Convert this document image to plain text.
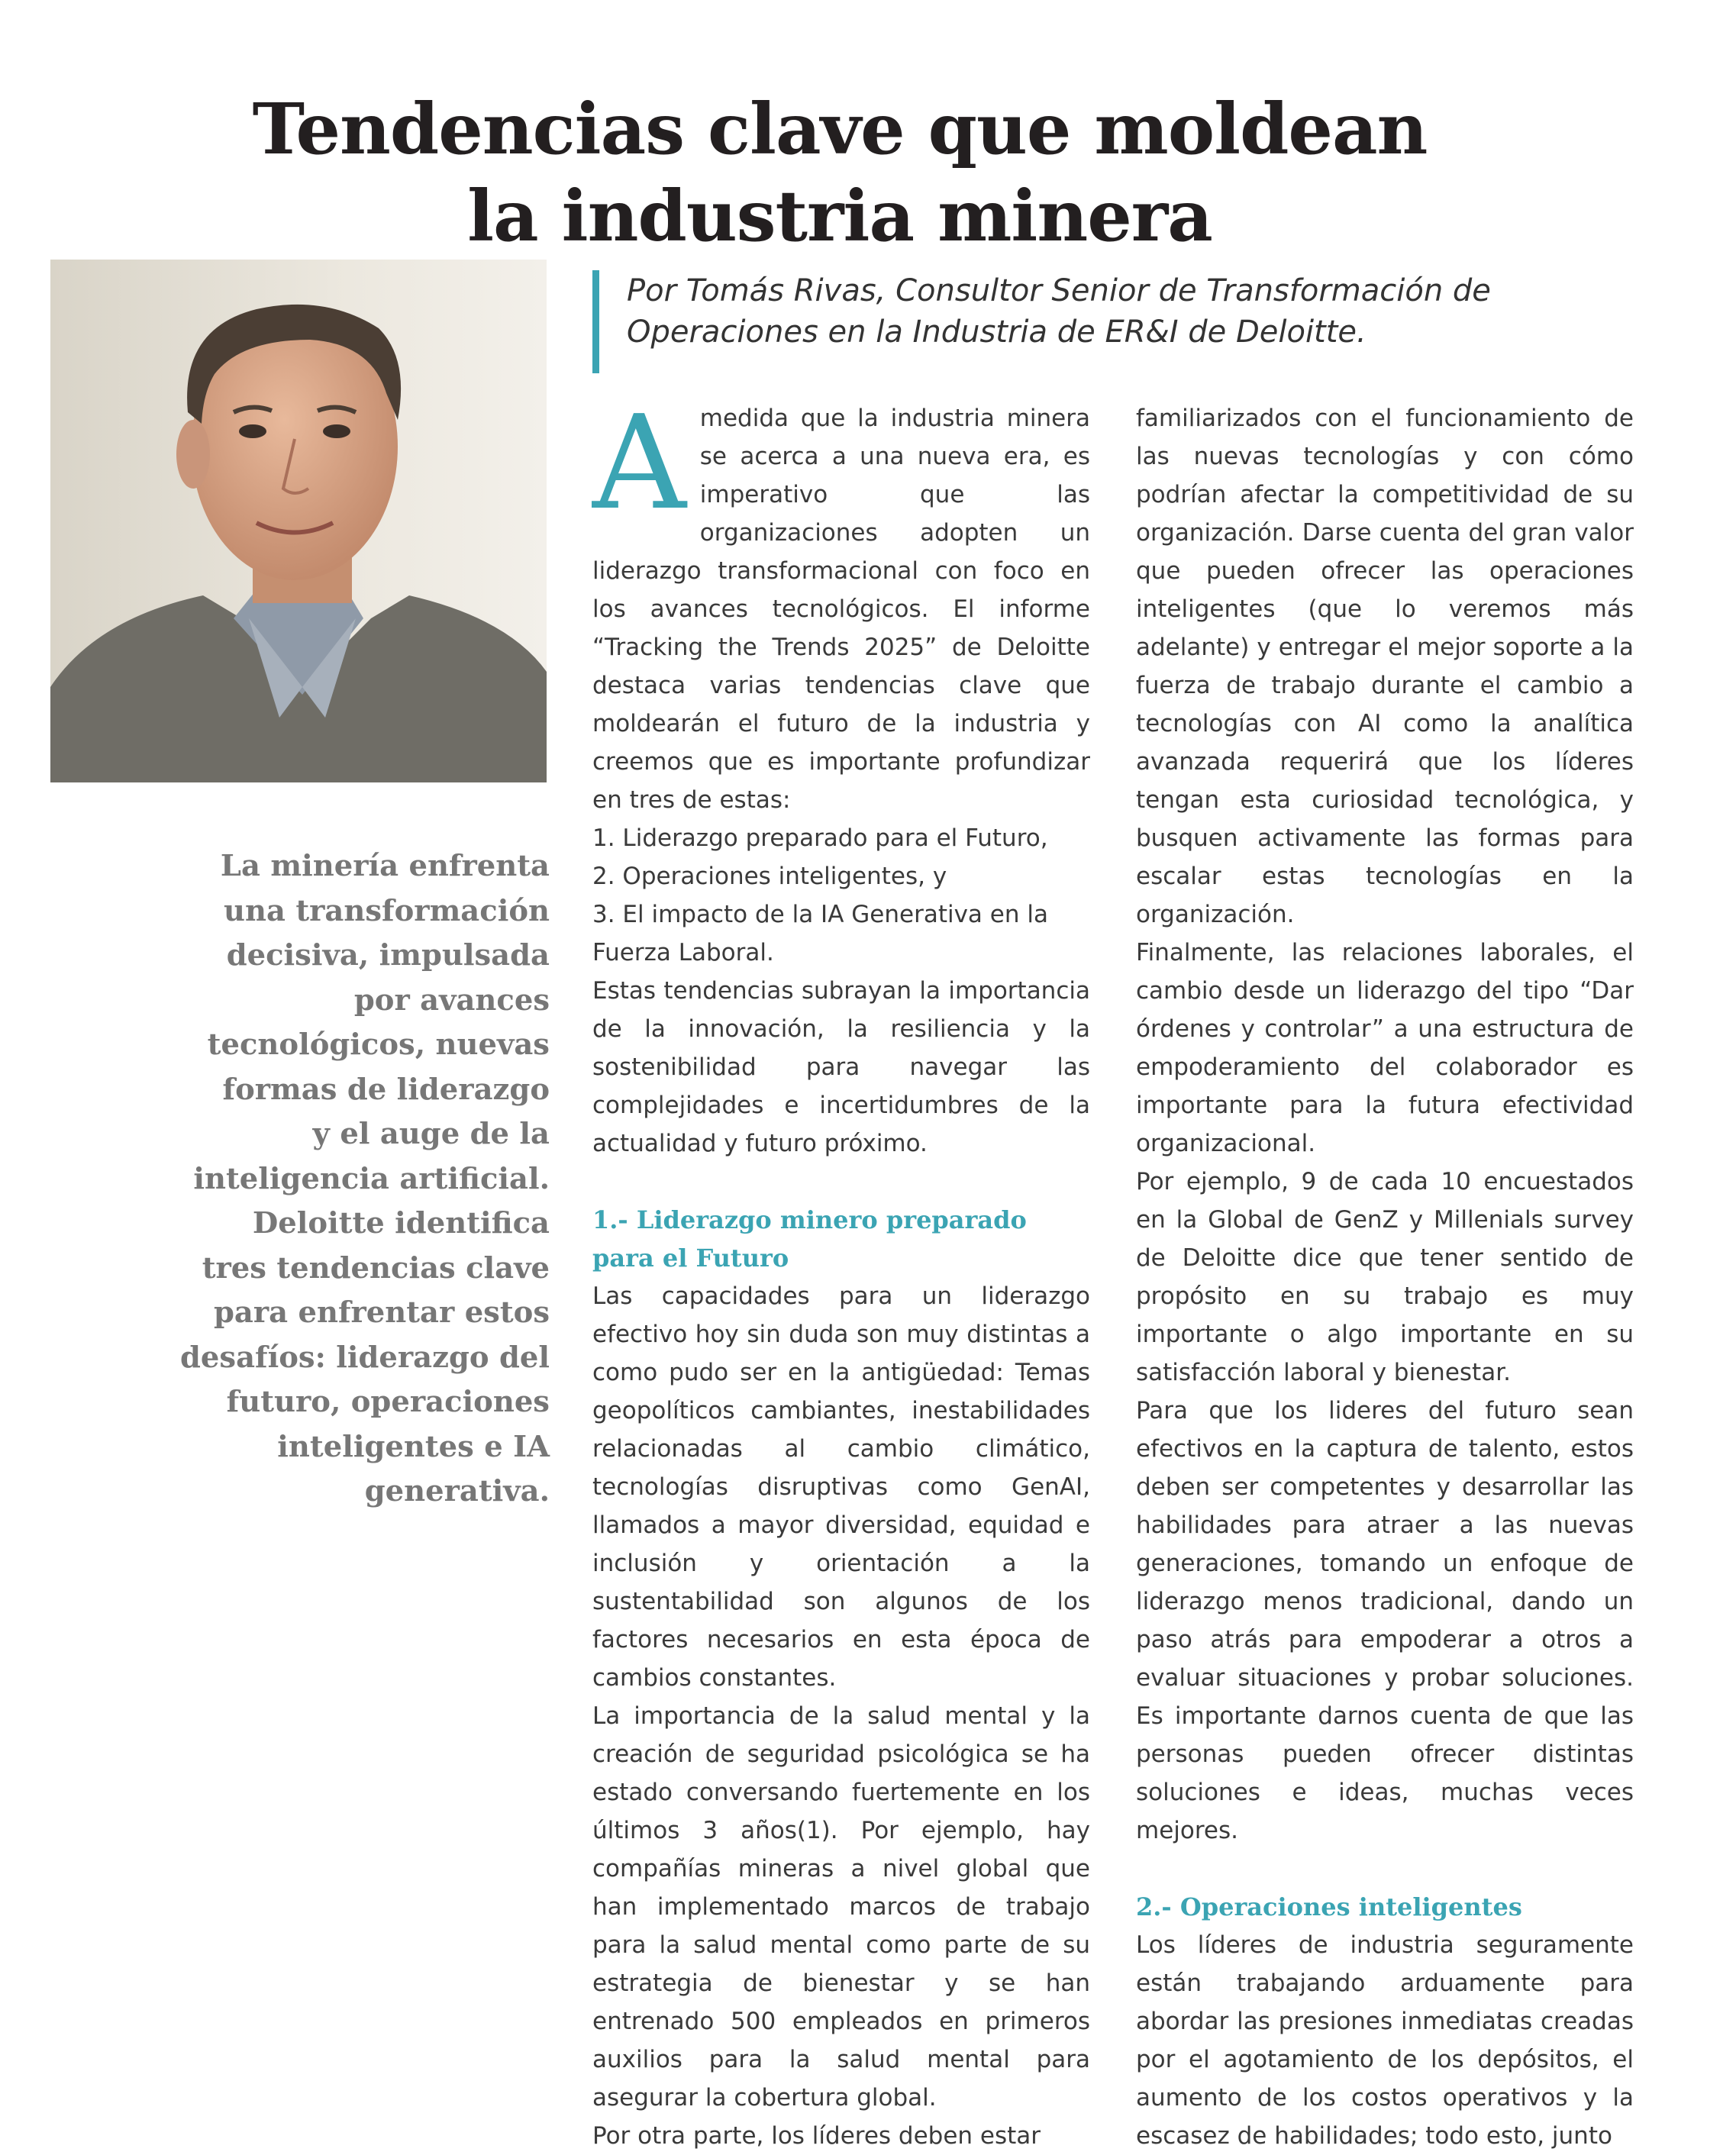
Tendencias clave que moldean
la industria minera

Por Tomás Rivas, Consultor Senior de Transformación de
Operaciones en la Industria de ER&I de Deloitte.

La minería enfrenta
una transformación
decisiva, impulsada
por avances
tecnológicos, nuevas
formas de liderazgo
y el auge de la
inteligencia artificial.
Deloitte identifica
tres tendencias clave
para enfrentar estos
desafíos: liderazgo del
futuro, operaciones
inteligentes e IA
generativa.

A medida que la industria minera se acerca a una nueva era, es imperativo que las organizaciones adopten un liderazgo transformacional con foco en los avances tecnológicos. El informe “Tracking the Trends 2025” de Deloitte destaca varias tendencias clave que moldearán el futuro de la industria y creemos que es importante profundizar en tres de estas:

1. Liderazgo preparado para el Futuro,

2. Operaciones inteligentes, y

3. El impacto de la IA Generativa en la Fuerza Laboral.

Estas tendencias subrayan la importancia de la innovación, la resiliencia y la sostenibilidad para navegar las complejidades e incertidumbres de la actualidad y futuro próximo.

1.- Liderazgo minero preparado para el Futuro

Las capacidades para un liderazgo efectivo hoy sin duda son muy distintas a como pudo ser en la antigüedad: Temas geopolíticos cambiantes, inestabilidades relacionadas al cambio climático, tecnologías disruptivas como GenAI, llamados a mayor diversidad, equidad e inclusión y orientación a la sustentabilidad son algunos de los factores necesarios en esta época de cambios constantes.

La importancia de la salud mental y la creación de seguridad psicológica se ha estado conversando fuertemente en los últimos 3 años(1). Por ejemplo, hay compañías mineras a nivel global que han implementado marcos de trabajo para la salud mental como parte de su estrategia de bienestar y se han entrenado 500 empleados en primeros auxilios para la salud mental para asegurar la cobertura global.

Por otra parte, los líderes deben estar

familiarizados con el funcionamiento de las nuevas tecnologías y con cómo podrían afectar la competitividad de su organización. Darse cuenta del gran valor que pueden ofrecer las operaciones inteligentes (que lo veremos más adelante) y entregar el mejor soporte a la fuerza de trabajo durante el cambio a tecnologías con AI como la analítica avanzada requerirá que los líderes tengan esta curiosidad tecnológica, y busquen activamente las formas para escalar estas tecnologías en la organización.

Finalmente, las relaciones laborales, el cambio desde un liderazgo del tipo “Dar órdenes y controlar” a una estructura de empoderamiento del colaborador es importante para la futura efectividad organizacional.

Por ejemplo, 9 de cada 10 encuestados en la Global de GenZ y Millenials survey de Deloitte dice que tener sentido de propósito en su trabajo es muy importante o algo importante en su satisfacción laboral y bienestar.

Para que los lideres del futuro sean efectivos en la captura de talento, estos deben ser competentes y desarrollar las habilidades para atraer a las nuevas generaciones, tomando un enfoque de liderazgo menos tradicional, dando un paso atrás para empoderar a otros a evaluar situaciones y probar soluciones. Es importante darnos cuenta de que las personas pueden ofrecer distintas soluciones e ideas, muchas veces mejores.

2.- Operaciones inteligentes

Los líderes de industria seguramente están trabajando arduamente para abordar las presiones inmediatas creadas por el agotamiento de los depósitos, el aumento de los costos operativos y la escasez de habilidades; todo esto, junto
